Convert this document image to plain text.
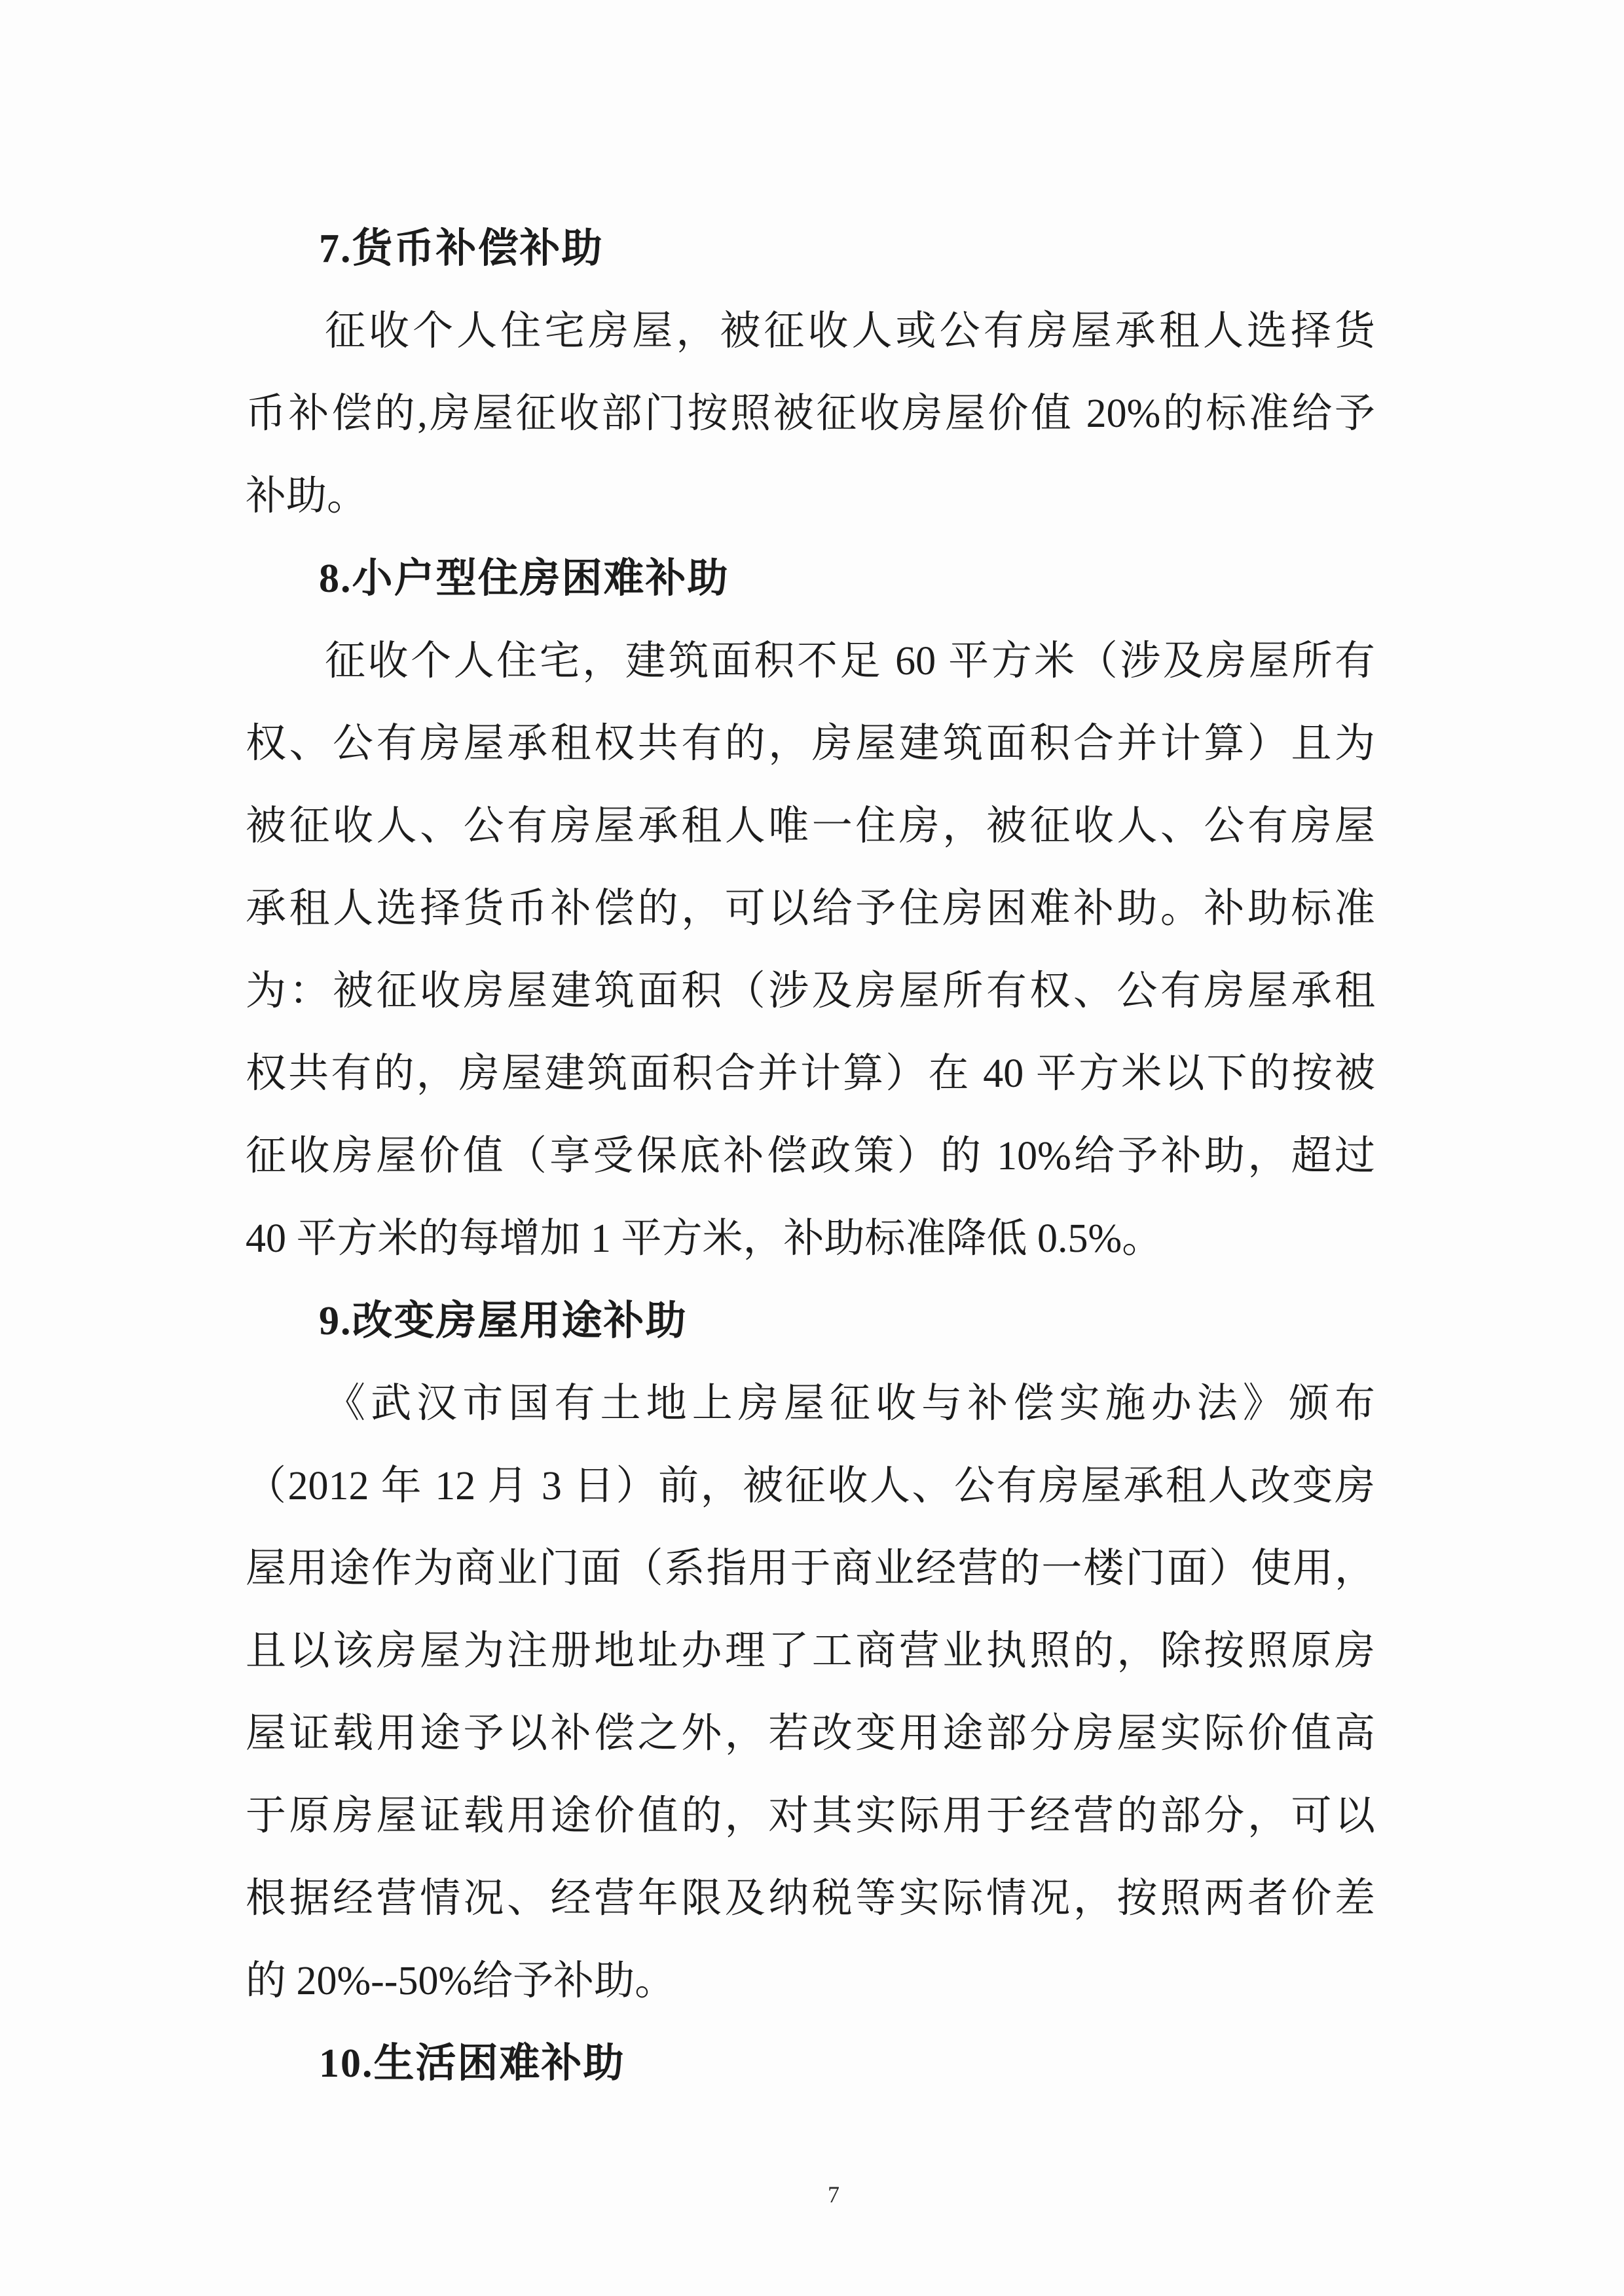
7.货币补偿补助
征收个人住宅房屋，被征收人或公有房屋承租人选择货
币补偿的,房屋征收部门按照被征收房屋价值 20%的标准给予
补助。
8.小户型住房困难补助
征收个人住宅，建筑面积不足 60 平方米（涉及房屋所有
权、公有房屋承租权共有的，房屋建筑面积合并计算）且为
被征收人、公有房屋承租人唯一住房，被征收人、公有房屋
承租人选择货币补偿的，可以给予住房困难补助。补助标准
为：被征收房屋建筑面积（涉及房屋所有权、公有房屋承租
权共有的，房屋建筑面积合并计算）在 40 平方米以下的按被
征收房屋价值（享受保底补偿政策）的 10%给予补助，超过
40 平方米的每增加 1 平方米，补助标准降低 0.5%。
9.改变房屋用途补助
《武汉市国有土地上房屋征收与补偿实施办法》颁布
（2012 年 12 月 3 日）前，被征收人、公有房屋承租人改变房
屋用途作为商业门面（系指用于商业经营的一楼门面）使用，
且以该房屋为注册地址办理了工商营业执照的，除按照原房
屋证载用途予以补偿之外，若改变用途部分房屋实际价值高
于原房屋证载用途价值的，对其实际用于经营的部分，可以
根据经营情况、经营年限及纳税等实际情况，按照两者价差
的 20%--50%给予补助。
10.生活困难补助
7
